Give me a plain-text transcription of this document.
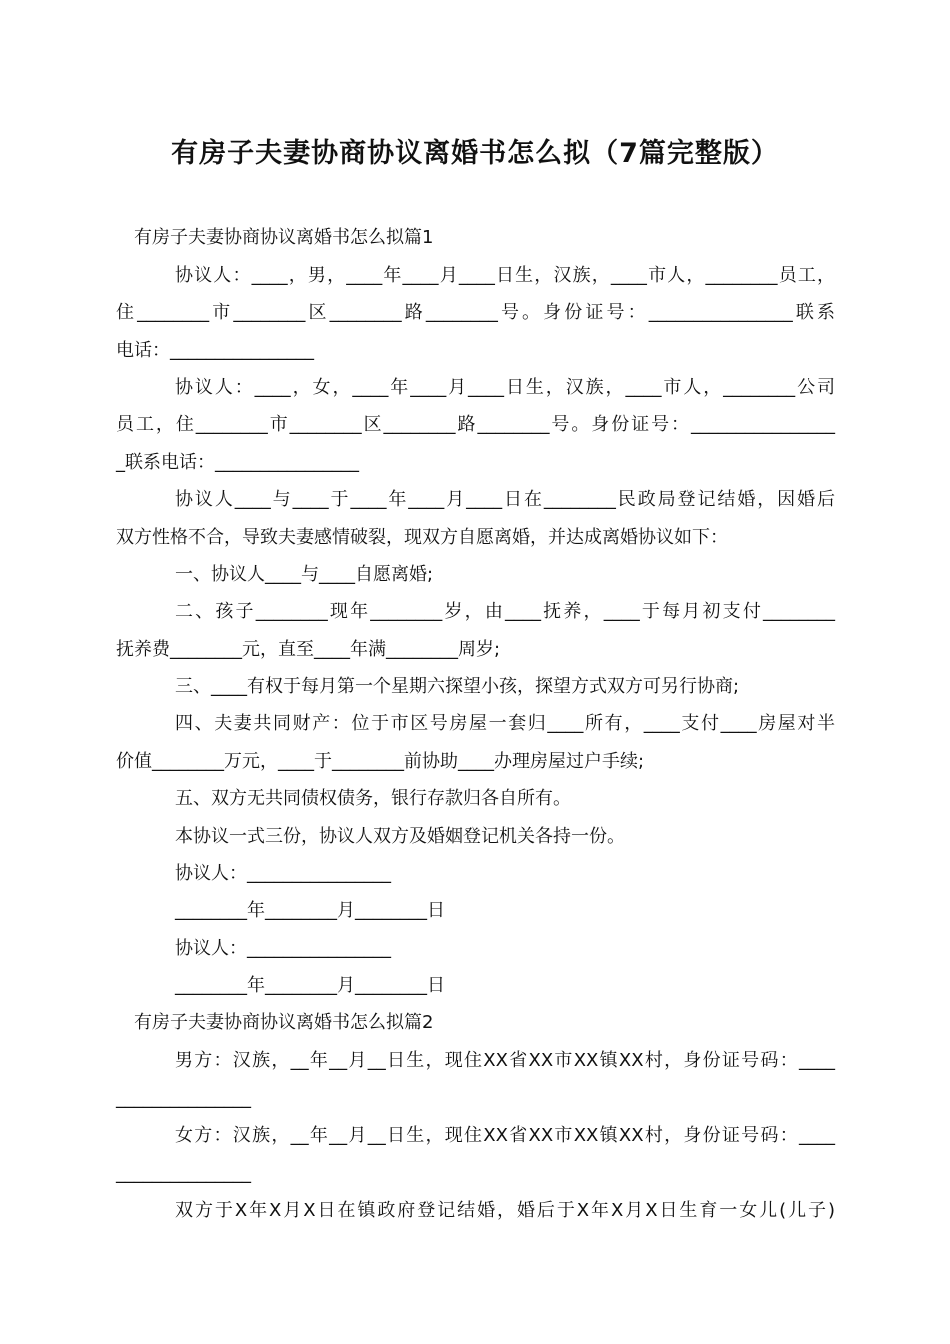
有房子夫妻协商协议离婚书怎么拟（7篇完整版）
有房子夫妻协商协议离婚书怎么拟篇1
协议人：____，男，____年____月____日生，汉族，____市人，________员工，
住________市________区________路________号。身份证号：________________联系
电话：________________
协议人：____，女，____年____月____日生，汉族，____市人，________公司
员工，住________市________区________路________号。身份证号：________________
_联系电话：________________
协议人____与____于____年____月____日在________民政局登记结婚，因婚后
双方性格不合，导致夫妻感情破裂，现双方自愿离婚，并达成离婚协议如下：
一、协议人____与____自愿离婚;
二、孩子________现年________岁，由____抚养，____于每月初支付________
抚养费________元，直至____年满________周岁;
三、____有权于每月第一个星期六探望小孩，探望方式双方可另行协商;
四、夫妻共同财产：位于市区号房屋一套归____所有，____支付____房屋对半
价值________万元，____于________前协助____办理房屋过户手续;
五、双方无共同债权债务，银行存款归各自所有。
本协议一式三份，协议人双方及婚姻登记机关各持一份。
协议人：________________
________年________月________日
协议人：________________
________年________月________日
有房子夫妻协商协议离婚书怎么拟篇2
男方：汉族，__年__月__日生，现住XX省XX市XX镇XX村，身份证号码：____
_______________
女方：汉族，__年__月__日生，现住XX省XX市XX镇XX村，身份证号码：____
_______________
双方于X年X月X日在镇政府登记结婚，婚后于X年X月X日生育一女儿(儿子)
